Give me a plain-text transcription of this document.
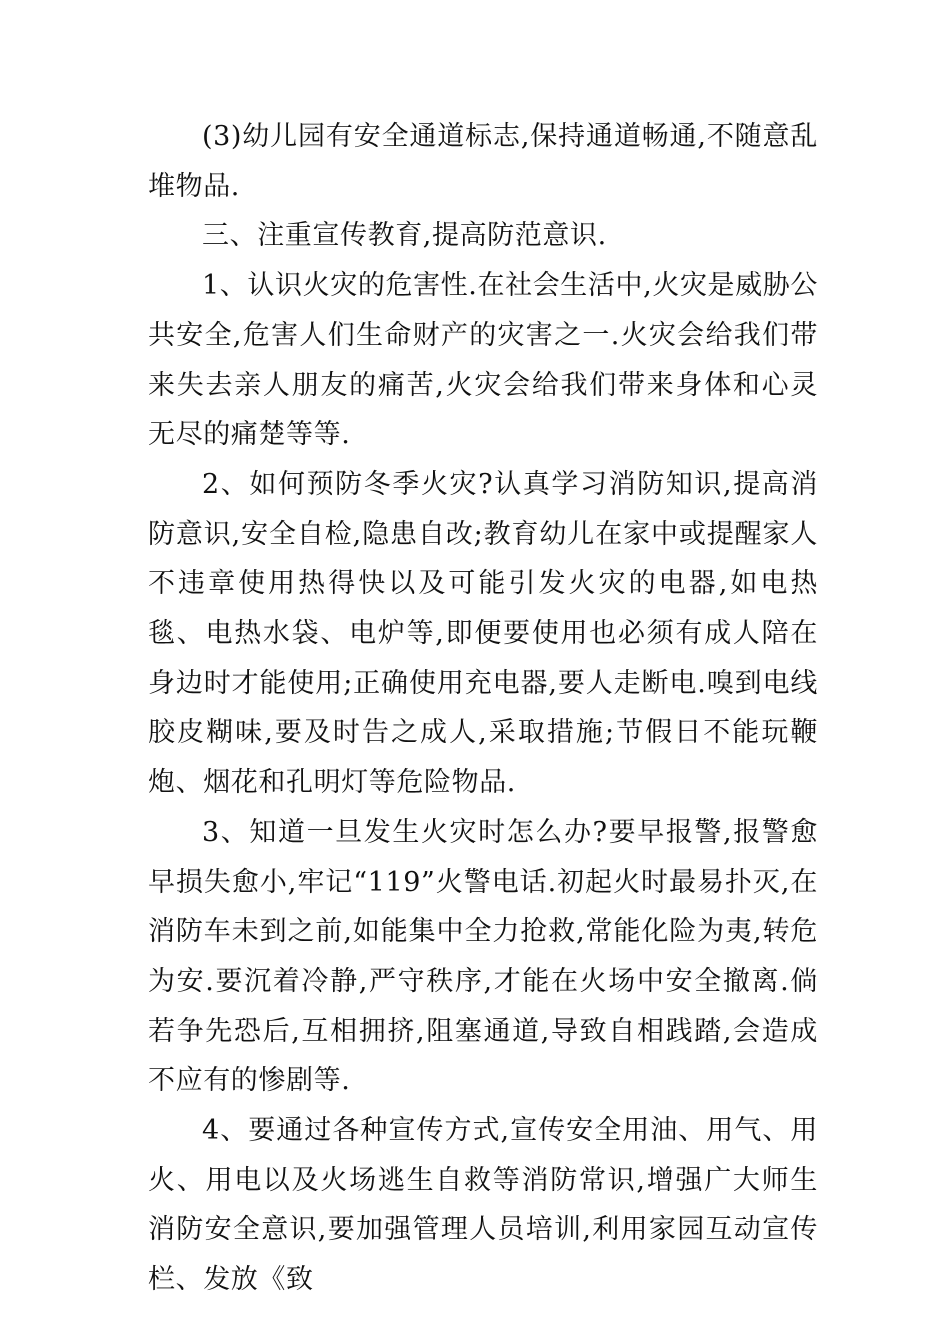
(3)幼儿园有安全通道标志,保持通道畅通,不随意乱堆物品.

三、注重宣传教育,提高防范意识.

1、认识火灾的危害性.在社会生活中,火灾是威胁公共安全,危害人们生命财产的灾害之一.火灾会给我们带来失去亲人朋友的痛苦,火灾会给我们带来身体和心灵无尽的痛楚等等.

2、如何预防冬季火灾?认真学习消防知识,提高消防意识,安全自检,隐患自改;教育幼儿在家中或提醒家人不违章使用热得快以及可能引发火灾的电器,如电热毯、电热水袋、电炉等,即便要使用也必须有成人陪在身边时才能使用;正确使用充电器,要人走断电.嗅到电线胶皮糊味,要及时告之成人,采取措施;节假日不能玩鞭炮、烟花和孔明灯等危险物品.

3、知道一旦发生火灾时怎么办?要早报警,报警愈早损失愈小,牢记“119”火警电话.初起火时最易扑灭,在消防车未到之前,如能集中全力抢救,常能化险为夷,转危为安.要沉着冷静,严守秩序,才能在火场中安全撤离.倘若争先恐后,互相拥挤,阻塞通道,导致自相践踏,会造成不应有的惨剧等.

4、要通过各种宣传方式,宣传安全用油、用气、用火、用电以及火场逃生自救等消防常识,增强广大师生消防安全意识,要加强管理人员培训,利用家园互动宣传栏、发放《致
